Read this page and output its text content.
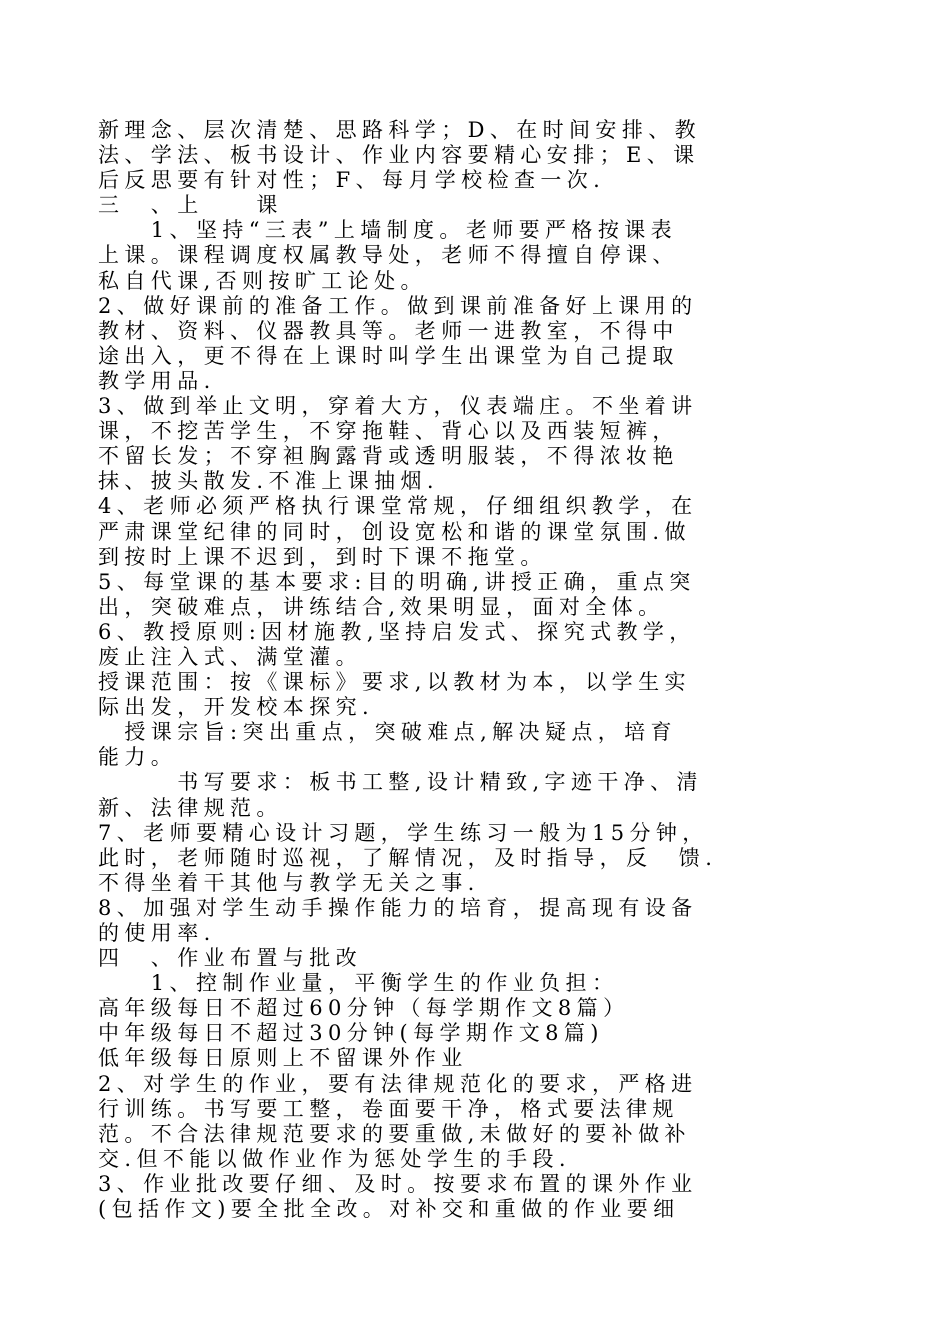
新理念、层次清楚、思路科学；D、在时间安排、教
法、学法、板书设计、作业内容要精心安排；E、课
后反思要有针对性；F、每月学校检查一次.
三　、上　　课
　　1、坚持“三表”上墙制度。老师要严格按课表
上课。课程调度权属教导处，老师不得擅自停课、
私自代课,否则按旷工论处。
2、做好课前的准备工作。做到课前准备好上课用的
教材、资料、仪器教具等。老师一进教室，不得中
途出入，更不得在上课时叫学生出课堂为自己提取
教学用品.
3、做到举止文明，穿着大方，仪表端庄。不坐着讲
课，不挖苦学生，不穿拖鞋、背心以及西装短裤，
不留长发；不穿袒胸露背或透明服装，不得浓妆艳
抹、披头散发.不准上课抽烟.
4、老师必须严格执行课堂常规，仔细组织教学，在
严肃课堂纪律的同时，创设宽松和谐的课堂氛围.做
到按时上课不迟到，到时下课不拖堂。
5、每堂课的基本要求:目的明确,讲授正确，重点突
出，突破难点，讲练结合,效果明显，面对全体。
6、教授原则:因材施教,坚持启发式、探究式教学，
废止注入式、满堂灌。
授课范围：按《课标》要求,以教材为本，以学生实
际出发，开发校本探究.
　授课宗旨:突出重点，突破难点,解决疑点，培育
能力。
　　　书写要求：板书工整,设计精致,字迹干净、清
新、法律规范。
7、老师要精心设计习题，学生练习一般为15分钟，
此时，老师随时巡视，了解情况，及时指导，反　馈.
不得坐着干其他与教学无关之事.
8、加强对学生动手操作能力的培育，提高现有设备
的使用率.
四　、作业布置与批改
　　1、控制作业量，平衡学生的作业负担：
高年级每日不超过60分钟（每学期作文8篇）
中年级每日不超过30分钟(每学期作文8篇)
低年级每日原则上不留课外作业
2、对学生的作业，要有法律规范化的要求，严格进
行训练。书写要工整，卷面要干净，格式要法律规
范。不合法律规范要求的要重做,未做好的要补做补
交.但不能以做作业作为惩处学生的手段.
3、作业批改要仔细、及时。按要求布置的课外作业
(包括作文)要全批全改。对补交和重做的作业要细
